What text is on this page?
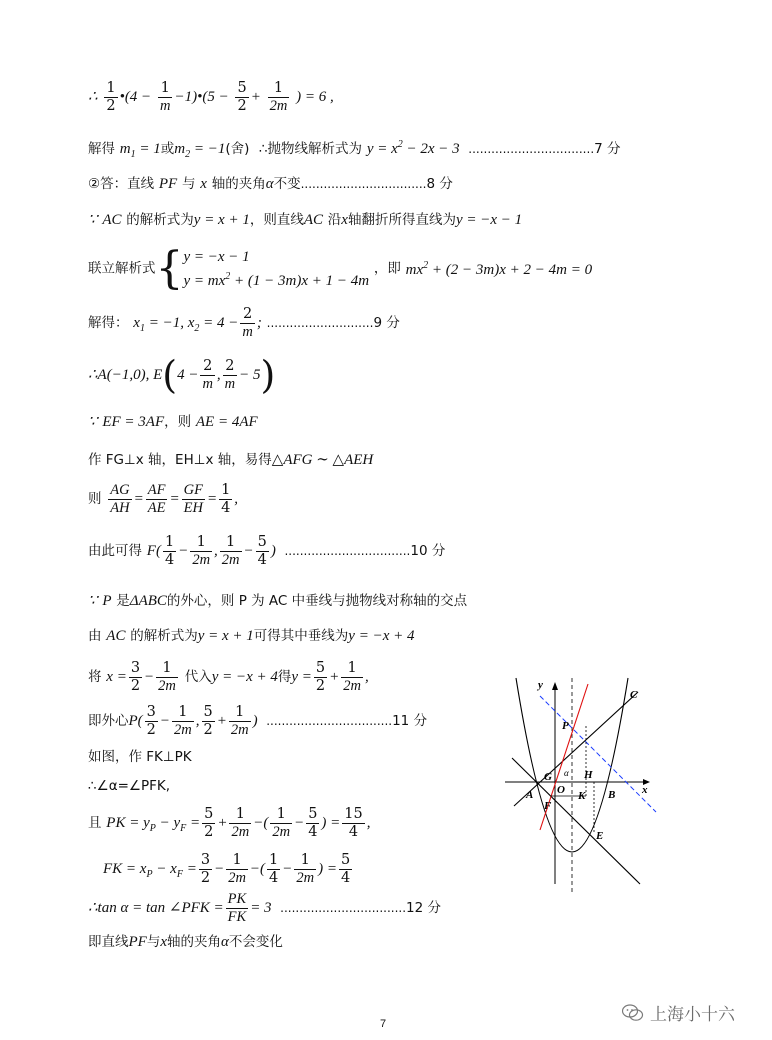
∴ $\frac{1}{2}$ •(4 − $\frac{1}{m}$ −1)•(5 − $\frac{5}{2} + \frac{1}{2m}$ ) = 6 ,
解得 $m_1 = 1$或$m_2 = -1$(舍) ∴抛物线解析式为 $y = x^2 - 2x - 3$  .................................7 分
②答：直线 PF 与 x 轴的夹角α不变.................................8 分
∵ AC 的解析式为y = x + 1，则直线AC 沿x轴翻折所得直线为y = −x − 1
联立解析式{ y = −x − 1
$y = mx^2 + (1 - 3m)x + 1 - 4m$
，即 $mx^2 + (2 - 3m)x + 2 - 4m = 0$
解得： $x_1 = -1$, $x_2 = 4 - \frac{2}{m}$ ; ............................9 分
∴A(−1,0), $E(4 - \frac{2}{m}$ , $\frac{2}{m} - 5$)
∵ EF = 3AF，则 AE = 4AF
作 FG⊥x 轴，EH⊥x 轴，易得△AFG ∼ △AEH
则 $\frac{AG}{AH} = \frac{AF}{AE} = \frac{GF}{EH} = \frac{1}{4}$ ,
由此可得 $F( \frac{1}{4} - \frac{1}{2m}$ , $\frac{1}{2m} - \frac{5}{4}$ )  .................................10 分
∵ P 是ΔABC的外心，则 P 为 AC 中垂线与抛物线对称轴的交点
由 AC 的解析式为y = x + 1可得其中垂线为y = −x + 4
将 $x = \frac{3}{2} - \frac{1}{2m}$ 代入y = −x + 4得$y = \frac{5}{2} + \frac{1}{2m}$ ,
即外心$P( \frac{3}{2} - \frac{1}{2m}$ , $\frac{5}{2} + \frac{1}{2m}$ )  .................................11 分
如图，作 FK⊥PK
∴∠α=∠PFK,
且 PK = $y_P - y_F = \frac{5}{2} + \frac{1}{2m}$ −( $\frac{1}{2m} - \frac{5}{4}$ ) = $\frac{15}{4}$ ,
FK = $x_P - x_F = \frac{3}{2} - \frac{1}{2m}$ −( $\frac{1}{4} - \frac{1}{2m}$ ) = $\frac{5}{4}$
∴tan α = tan ∠PFK = $\frac{PK}{FK} = 3$  .................................12 分
即直线PF与x轴的夹角α不会变化
y
x
C
P
G α H
A O K B
F
E
上海小十六
7
